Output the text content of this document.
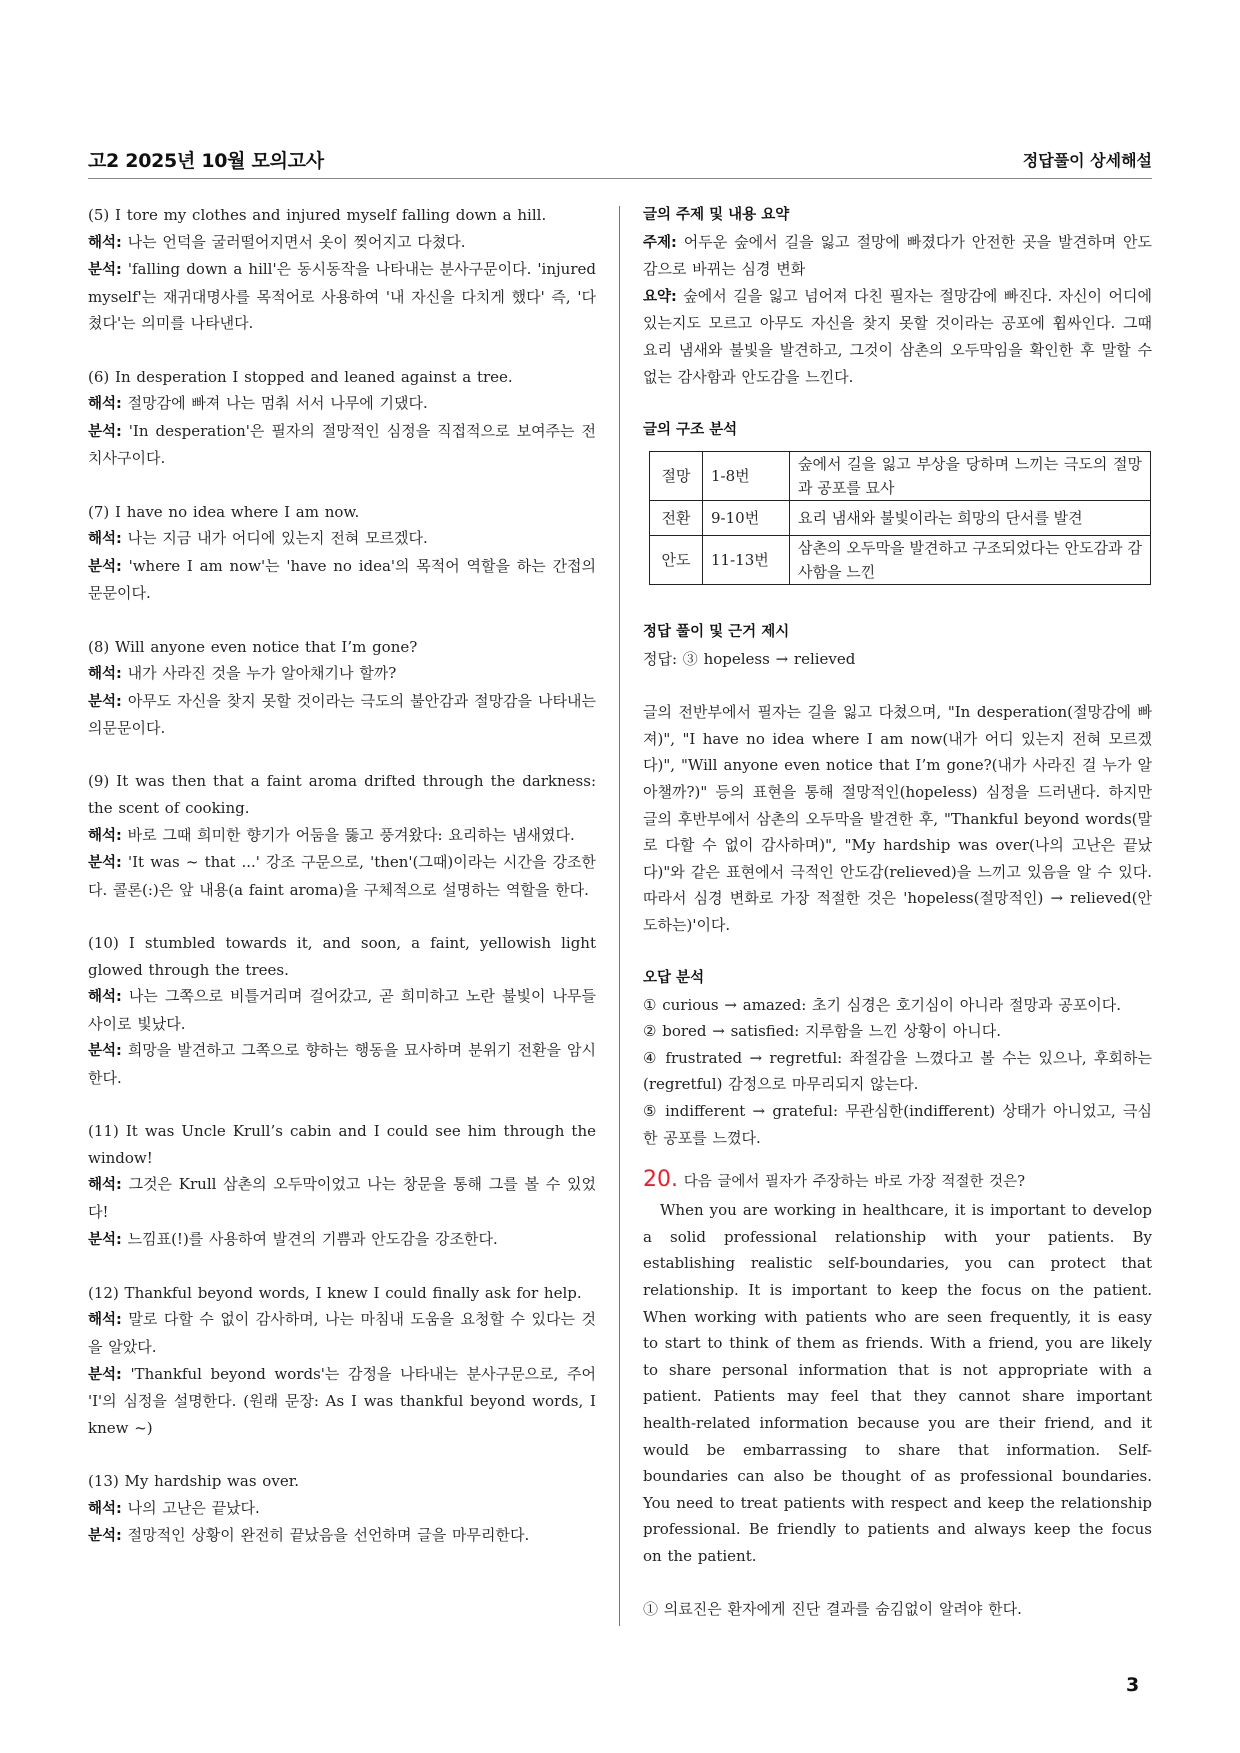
고2 2025년 10월 모의고사	정답풀이 상세해설

(5) I tore my clothes and injured myself falling down a hill.

해석: 나는 언덕을 굴러떨어지면서 옷이 찢어지고 다쳤다.

분석: 'falling down a hill'은 동시동작을 나타내는 분사구문이다. 'injured myself'는 재귀대명사를 목적어로 사용하여 '내 자신을 다치게 했다' 즉, '다쳤다'는 의미를 나타낸다.

(6) In desperation I stopped and leaned against a tree.

해석: 절망감에 빠져 나는 멈춰 서서 나무에 기댔다.

분석: 'In desperation'은 필자의 절망적인 심정을 직접적으로 보여주는 전치사구이다.

(7) I have no idea where I am now.

해석: 나는 지금 내가 어디에 있는지 전혀 모르겠다.

분석: 'where I am now'는 'have no idea'의 목적어 역할을 하는 간접의문문이다.

(8) Will anyone even notice that I’m gone?

해석: 내가 사라진 것을 누가 알아채기나 할까?

분석: 아무도 자신을 찾지 못할 것이라는 극도의 불안감과 절망감을 나타내는 의문문이다.

(9) It was then that a faint aroma drifted through the darkness: the scent of cooking.

해석: 바로 그때 희미한 향기가 어둠을 뚫고 풍겨왔다: 요리하는 냄새였다.

분석: 'It was ~ that ...' 강조 구문으로, 'then'(그때)이라는 시간을 강조한다. 콜론(:)은 앞 내용(a faint aroma)을 구체적으로 설명하는 역할을 한다.

(10) I stumbled towards it, and soon, a faint, yellowish light glowed through the trees.

해석: 나는 그쪽으로 비틀거리며 걸어갔고, 곧 희미하고 노란 불빛이 나무들 사이로 빛났다.

분석: 희망을 발견하고 그쪽으로 향하는 행동을 묘사하며 분위기 전환을 암시한다.

(11) It was Uncle Krull’s cabin and I could see him through the window!

해석: 그것은 Krull 삼촌의 오두막이었고 나는 창문을 통해 그를 볼 수 있었다!

분석: 느낌표(!)를 사용하여 발견의 기쁨과 안도감을 강조한다.

(12) Thankful beyond words, I knew I could finally ask for help.

해석: 말로 다할 수 없이 감사하며, 나는 마침내 도움을 요청할 수 있다는 것을 알았다.

분석: 'Thankful beyond words'는 감정을 나타내는 분사구문으로, 주어 'I'의 심정을 설명한다. (원래 문장: As I was thankful beyond words, I knew ~)

(13) My hardship was over.

해석: 나의 고난은 끝났다.

분석: 절망적인 상황이 완전히 끝났음을 선언하며 글을 마무리한다.

글의 주제 및 내용 요약

주제: 어두운 숲에서 길을 잃고 절망에 빠졌다가 안전한 곳을 발견하며 안도감으로 바뀌는 심경 변화

요약: 숲에서 길을 잃고 넘어져 다친 필자는 절망감에 빠진다. 자신이 어디에 있는지도 모르고 아무도 자신을 찾지 못할 것이라는 공포에 휩싸인다. 그때 요리 냄새와 불빛을 발견하고, 그것이 삼촌의 오두막임을 확인한 후 말할 수 없는 감사함과 안도감을 느낀다.

글의 구조 분석

절망	1-8번	숲에서 길을 잃고 부상을 당하며 느끼는 극도의 절망과 공포를 묘사
전환	9-10번	요리 냄새와 불빛이라는 희망의 단서를 발견
안도	11-13번	삼촌의 오두막을 발견하고 구조되었다는 안도감과 감사함을 느낀

정답 풀이 및 근거 제시

정답: ③ hopeless → relieved

글의 전반부에서 필자는 길을 잃고 다쳤으며, "In desperation(절망감에 빠져)", "I have no idea where I am now(내가 어디 있는지 전혀 모르겠다)", "Will anyone even notice that I’m gone?(내가 사라진 걸 누가 알아챌까?)" 등의 표현을 통해 절망적인(hopeless) 심정을 드러낸다. 하지만 글의 후반부에서 삼촌의 오두막을 발견한 후, "Thankful beyond words(말로 다할 수 없이 감사하며)", "My hardship was over(나의 고난은 끝났다)"와 같은 표현에서 극적인 안도감(relieved)을 느끼고 있음을 알 수 있다. 따라서 심경 변화로 가장 적절한 것은 'hopeless(절망적인) → relieved(안도하는)'이다.

오답 분석

① curious → amazed: 초기 심경은 호기심이 아니라 절망과 공포이다.

② bored → satisfied: 지루함을 느낀 상황이 아니다.

④ frustrated → regretful: 좌절감을 느꼈다고 볼 수는 있으나, 후회하는(regretful) 감정으로 마무리되지 않는다.

⑤ indifferent → grateful: 무관심한(indifferent) 상태가 아니었고, 극심한 공포를 느꼈다.

20. 다음 글에서 필자가 주장하는 바로 가장 적절한 것은?

When you are working in healthcare, it is important to develop a solid professional relationship with your patients. By establishing realistic self-boundaries, you can protect that relationship. It is important to keep the focus on the patient. When working with patients who are seen frequently, it is easy to start to think of them as friends. With a friend, you are likely to share personal information that is not appropriate with a patient. Patients may feel that they cannot share important health-related information because you are their friend, and it would be embarrassing to share that information. Self-boundaries can also be thought of as professional boundaries. You need to treat patients with respect and keep the relationship professional. Be friendly to patients and always keep the focus on the patient.

① 의료진은 환자에게 진단 결과를 숨김없이 알려야 한다.

3
